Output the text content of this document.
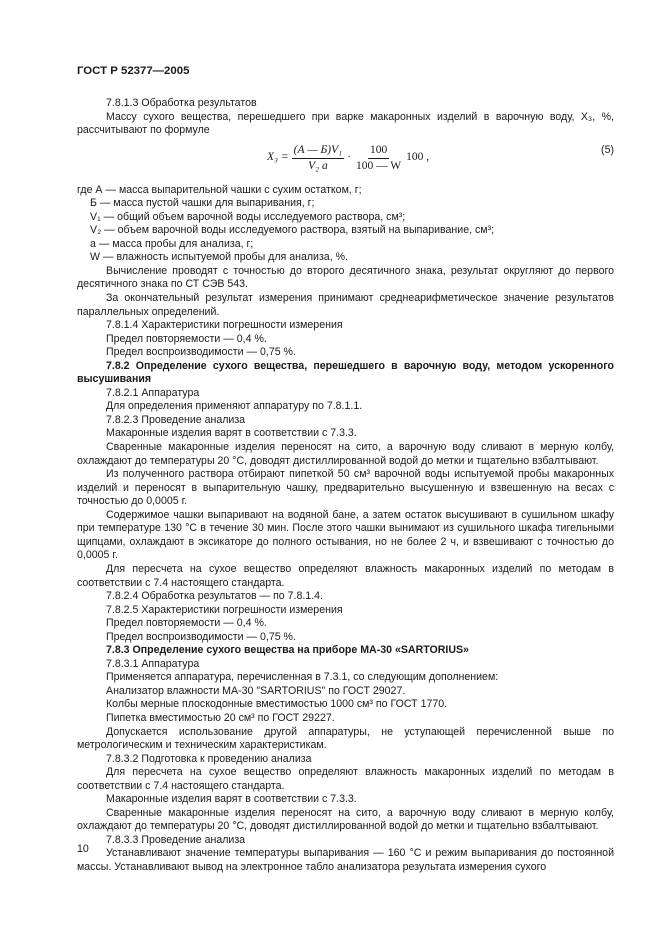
ГОСТ Р 52377—2005

7.8.1.3 Обработка результатов

Массу сухого вещества, перешедшего при варке макаронных изделий в варочную воду, X₃, %, рассчитывают по формуле

$X_3 = \frac{\text{(А — Б)V₁}}{\text{V₂ a}} \cdot \frac{100}{100 — W} 100$ ,
(5)

где А — масса выпарительной чашки с сухим остатком, г;

Б — масса пустой чашки для выпаривания, г;

V₁ — общий объем варочной воды исследуемого раствора, см³;

V₂ — объем варочной воды исследуемого раствора, взятый на выпаривание, см³;

a — масса пробы для анализа, г;

W — влажность испытуемой пробы для анализа, %.

Вычисление проводят с точностью до второго десятичного знака, результат округляют до первого десятичного знака по СТ СЭВ 543.

За окончательный результат измерения принимают среднеарифметическое значение результатов параллельных определений.

7.8.1.4 Характеристики погрешности измерения

Предел повторяемости — 0,4 %.

Предел воспроизводимости — 0,75 %.

7.8.2 Определение сухого вещества, перешедшего в варочную воду, методом ускоренного высушивания

7.8.2.1 Аппаратура

Для определения применяют аппаратуру по 7.8.1.1.

7.8.2.3 Проведение анализа

Макаронные изделия варят в соответствии с 7.3.3.

Сваренные макаронные изделия переносят на сито, а варочную воду сливают в мерную колбу, охлаждают до температуры 20 °С, доводят дистиллированной водой до метки и тщательно взбалтывают.

Из полученного раствора отбирают пипеткой 50 см³ варочной воды испытуемой пробы макаронных изделий и переносят в выпарительную чашку, предварительно высушенную и взвешенную на весах с точностью до 0,0005 г.

Содержимое чашки выпаривают на водяной бане, а затем остаток высушивают в сушильном шкафу при температуре 130 °С в течение 30 мин. После этого чашки вынимают из сушильного шкафа тигельными щипцами, охлаждают в эксикаторе до полного остывания, но не более 2 ч, и взвешивают с точностью до 0,0005 г.

Для пересчета на сухое вещество определяют влажность макаронных изделий по методам в соответствии с 7.4 настоящего стандарта.

7.8.2.4 Обработка результатов — по 7.8.1.4.

7.8.2.5 Характеристики погрешности измерения

Предел повторяемости — 0,4 %.

Предел воспроизводимости — 0,75 %.

7.8.3 Определение сухого вещества на приборе МА-30 «SARTORIUS»

7.8.3.1 Аппаратура

Применяется аппаратура, перечисленная в 7.3.1, со следующим дополнением:

Анализатор влажности МА-30 "SARTORIUS" по ГОСТ 29027.

Колбы мерные плоскодонные вместимостью 1000 см³ по ГОСТ 1770.

Пипетка вместимостью 20 см³ по ГОСТ 29227.

Допускается использование другой аппаратуры, не уступающей перечисленной выше по метрологическим и техническим характеристикам.

7.8.3.2 Подготовка к проведению анализа

Для пересчета на сухое вещество определяют влажность макаронных изделий по методам в соответствии с 7.4 настоящего стандарта.

Макаронные изделия варят в соответствии с 7.3.3.

Сваренные макаронные изделия переносят на сито, а варочную воду сливают в мерную колбу, охлаждают до температуры 20 °С, доводят дистиллированной водой до метки и тщательно взбалтывают.

7.8.3.3 Проведение анализа

Устанавливают значение температуры выпаривания — 160 °С и режим выпаривания до постоянной массы. Устанавливают вывод на электронное табло анализатора результата измерения сухого

10
